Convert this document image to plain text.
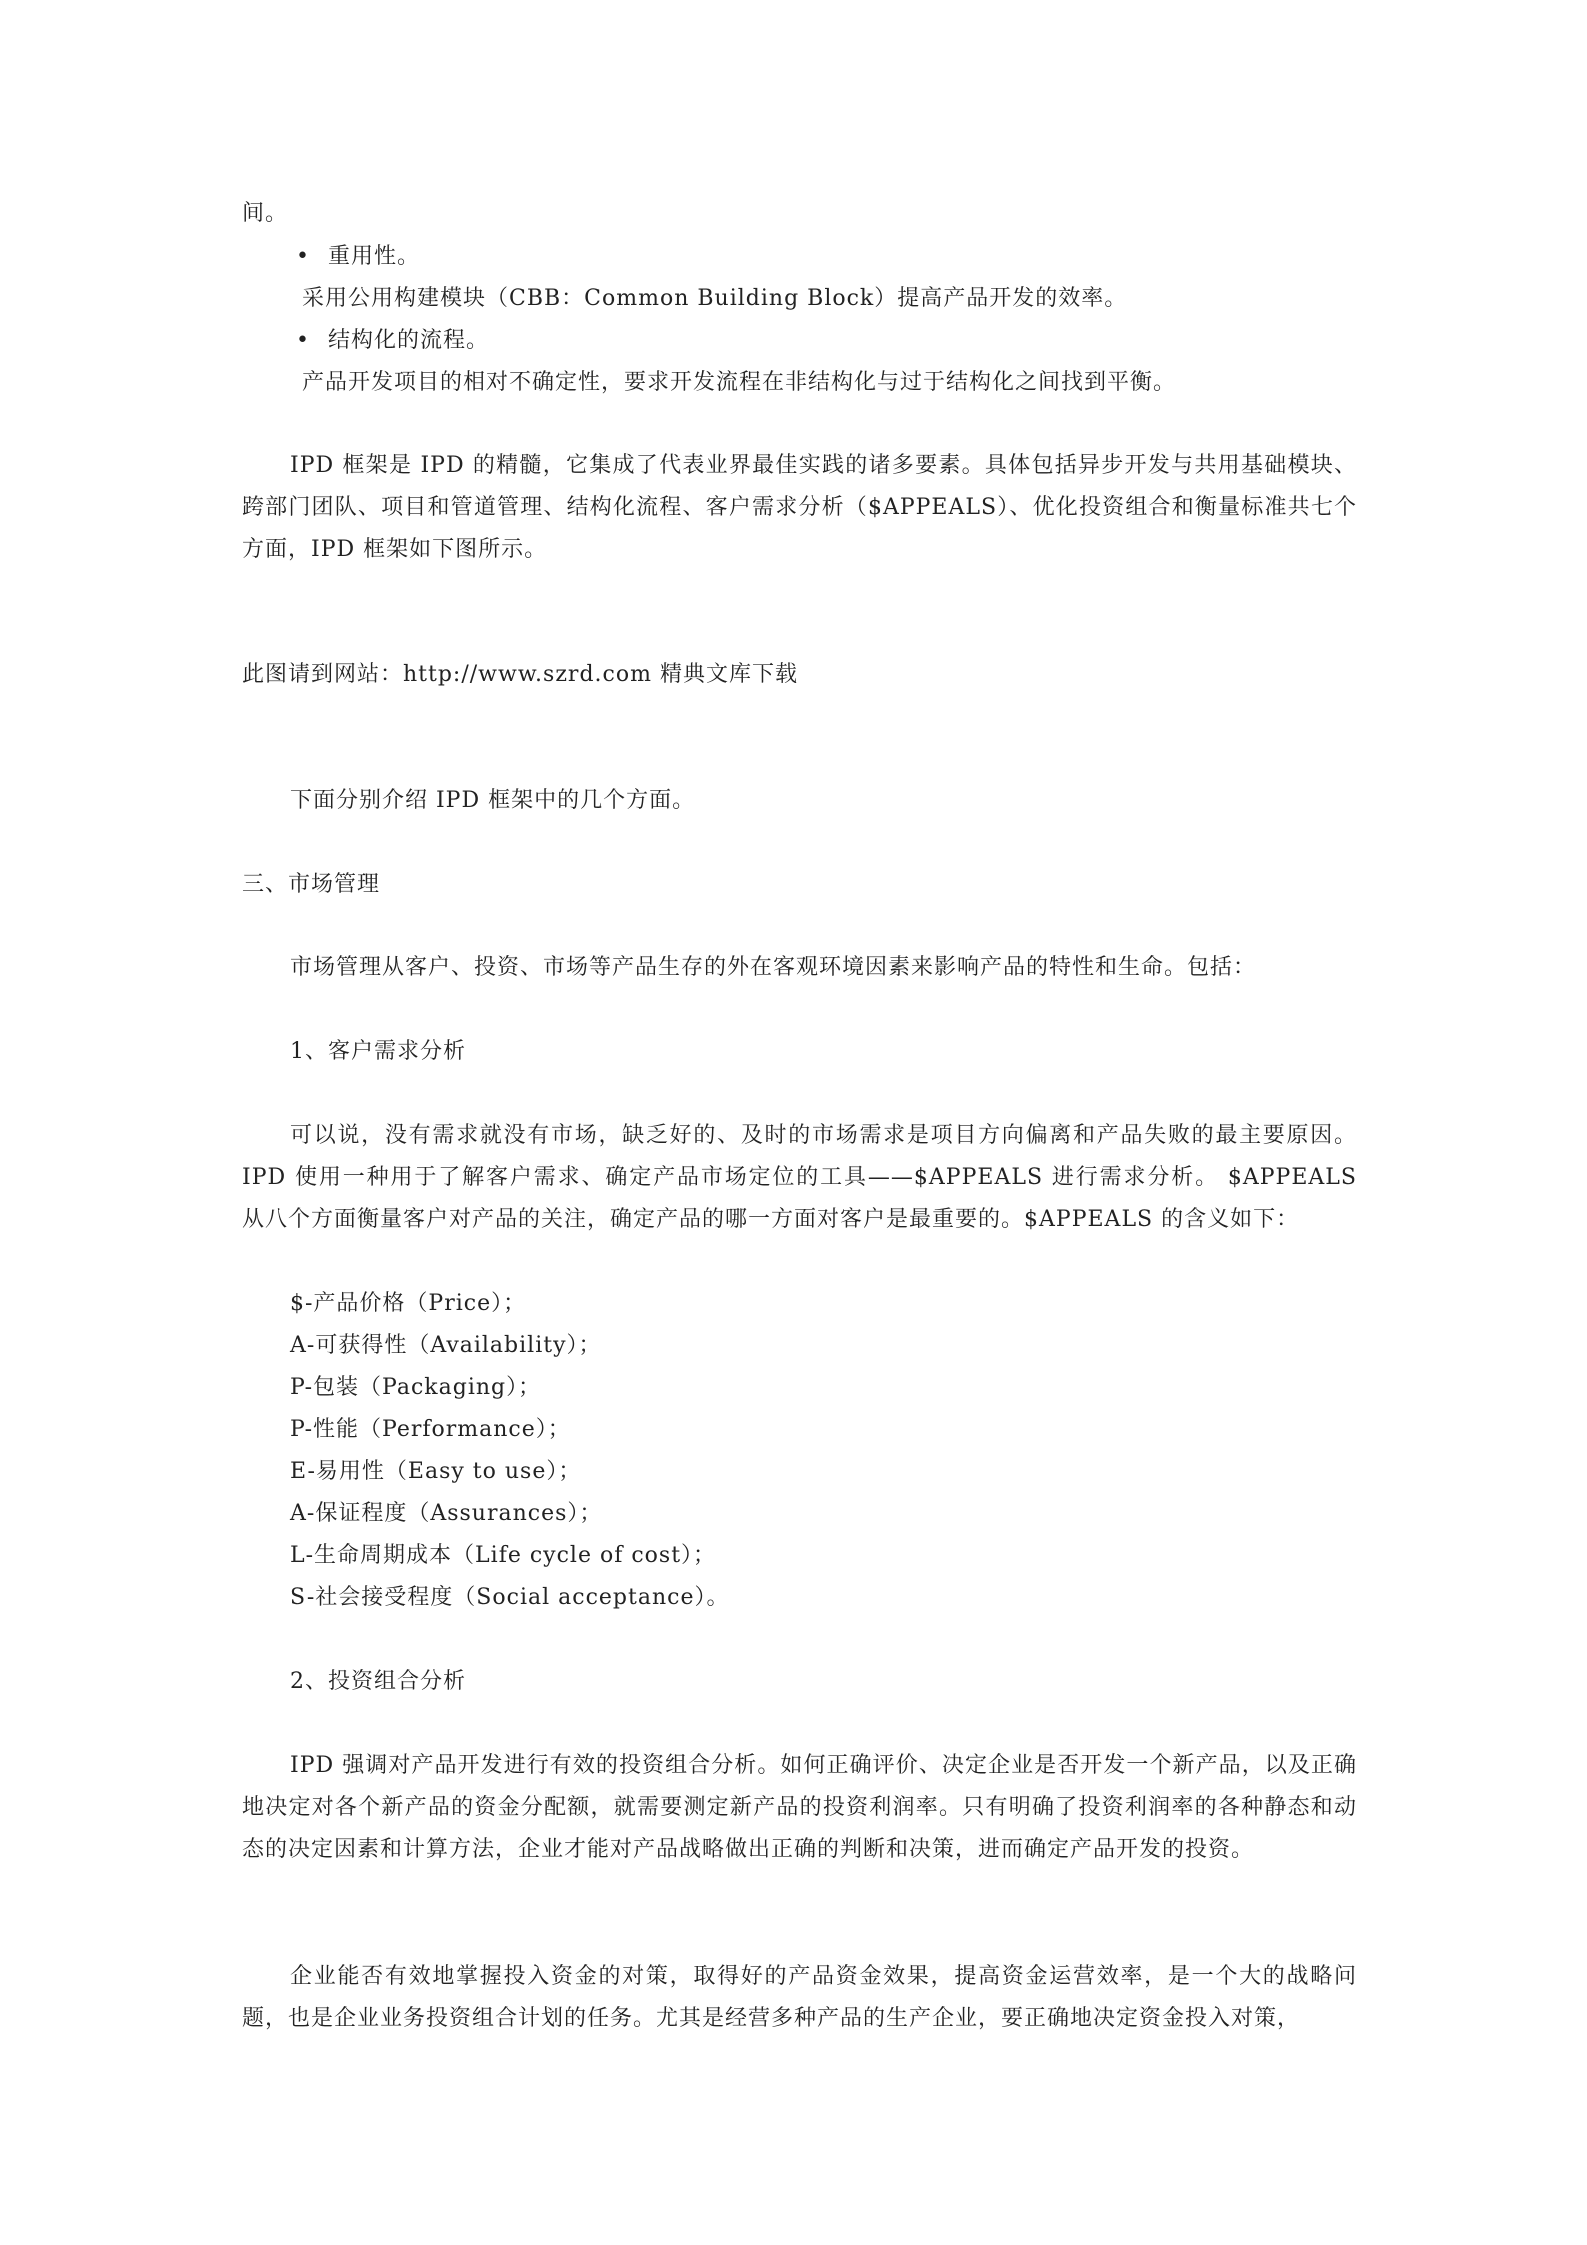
间。
• 重用性。
采用公用构建模块（CBB：Common Building Block）提高产品开发的效率。
• 结构化的流程。
产品开发项目的相对不确定性，要求开发流程在非结构化与过于结构化之间找到平衡。
IPD 框架是 IPD 的精髓，它集成了代表业界最佳实践的诸多要素。具体包括异步开发与共用基础模块、跨部门团队、项目和管道管理、结构化流程、客户需求分析（$APPEALS）、优化投资组合和衡量标准共七个方面，IPD 框架如下图所示。
此图请到网站：http://www.szrd.com 精典文库下载
下面分别介绍 IPD 框架中的几个方面。
三、市场管理
市场管理从客户、投资、市场等产品生存的外在客观环境因素来影响产品的特性和生命。包括：
1、客户需求分析
可以说，没有需求就没有市场，缺乏好的、及时的市场需求是项目方向偏离和产品失败的最主要原因。IPD 使用一种用于了解客户需求、确定产品市场定位的工具——$APPEALS 进行需求分析。 $APPEALS 从八个方面衡量客户对产品的关注，确定产品的哪一方面对客户是最重要的。$APPEALS 的含义如下：
$-产品价格（Price）；
A-可获得性（Availability）；
P-包装（Packaging）；
P-性能（Performance）；
E-易用性（Easy to use）；
A-保证程度（Assurances）；
L-生命周期成本（Life cycle of cost）；
S-社会接受程度（Social acceptance）。
2、投资组合分析
IPD 强调对产品开发进行有效的投资组合分析。如何正确评价、决定企业是否开发一个新产品，以及正确地决定对各个新产品的资金分配额，就需要测定新产品的投资利润率。只有明确了投资利润率的各种静态和动态的决定因素和计算方法，企业才能对产品战略做出正确的判断和决策，进而确定产品开发的投资。
企业能否有效地掌握投入资金的对策，取得好的产品资金效果，提高资金运营效率，是一个大的战略问题，也是企业业务投资组合计划的任务。尤其是经营多种产品的生产企业，要正确地决定资金投入对策，
